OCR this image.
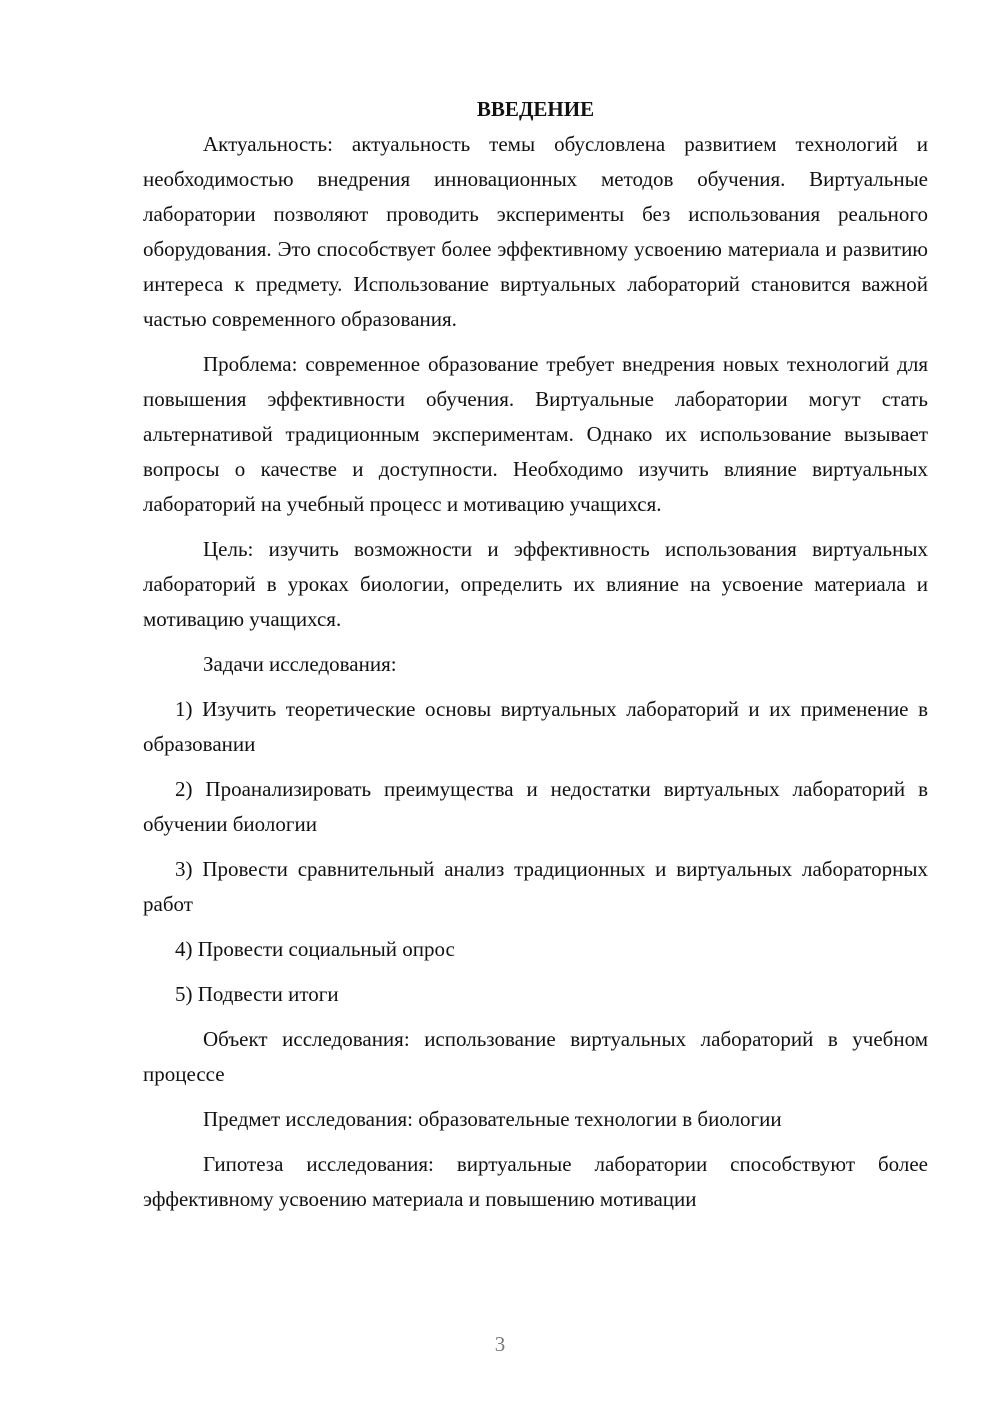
ВВЕДЕНИЕ

Актуальность: актуальность темы обусловлена развитием технологий и необходимостью внедрения инновационных методов обучения. Виртуальные лаборатории позволяют проводить эксперименты без использования реального оборудования. Это способствует более эффективному усвоению материала и развитию интереса к предмету. Использование виртуальных лабораторий становится важной частью современного образования.

Проблема: современное образование требует внедрения новых технологий для повышения эффективности обучения. Виртуальные лаборатории могут стать альтернативой традиционным экспериментам. Однако их использование вызывает вопросы о качестве и доступности. Необходимо изучить влияние виртуальных лабораторий на учебный процесс и мотивацию учащихся.

Цель: изучить возможности и эффективность использования виртуальных лабораторий в уроках биологии, определить их влияние на усвоение материала и мотивацию учащихся.

Задачи исследования:

1) Изучить теоретические основы виртуальных лабораторий и их применение в образовании

2) Проанализировать преимущества и недостатки виртуальных лабораторий в обучении биологии

3) Провести сравнительный анализ традиционных и виртуальных лабораторных работ

4) Провести социальный опрос

5) Подвести итоги

Объект исследования: использование виртуальных лабораторий в учебном процессе

Предмет исследования: образовательные технологии в биологии

Гипотеза исследования: виртуальные лаборатории способствуют более эффективному усвоению материала и повышению мотивации

3
